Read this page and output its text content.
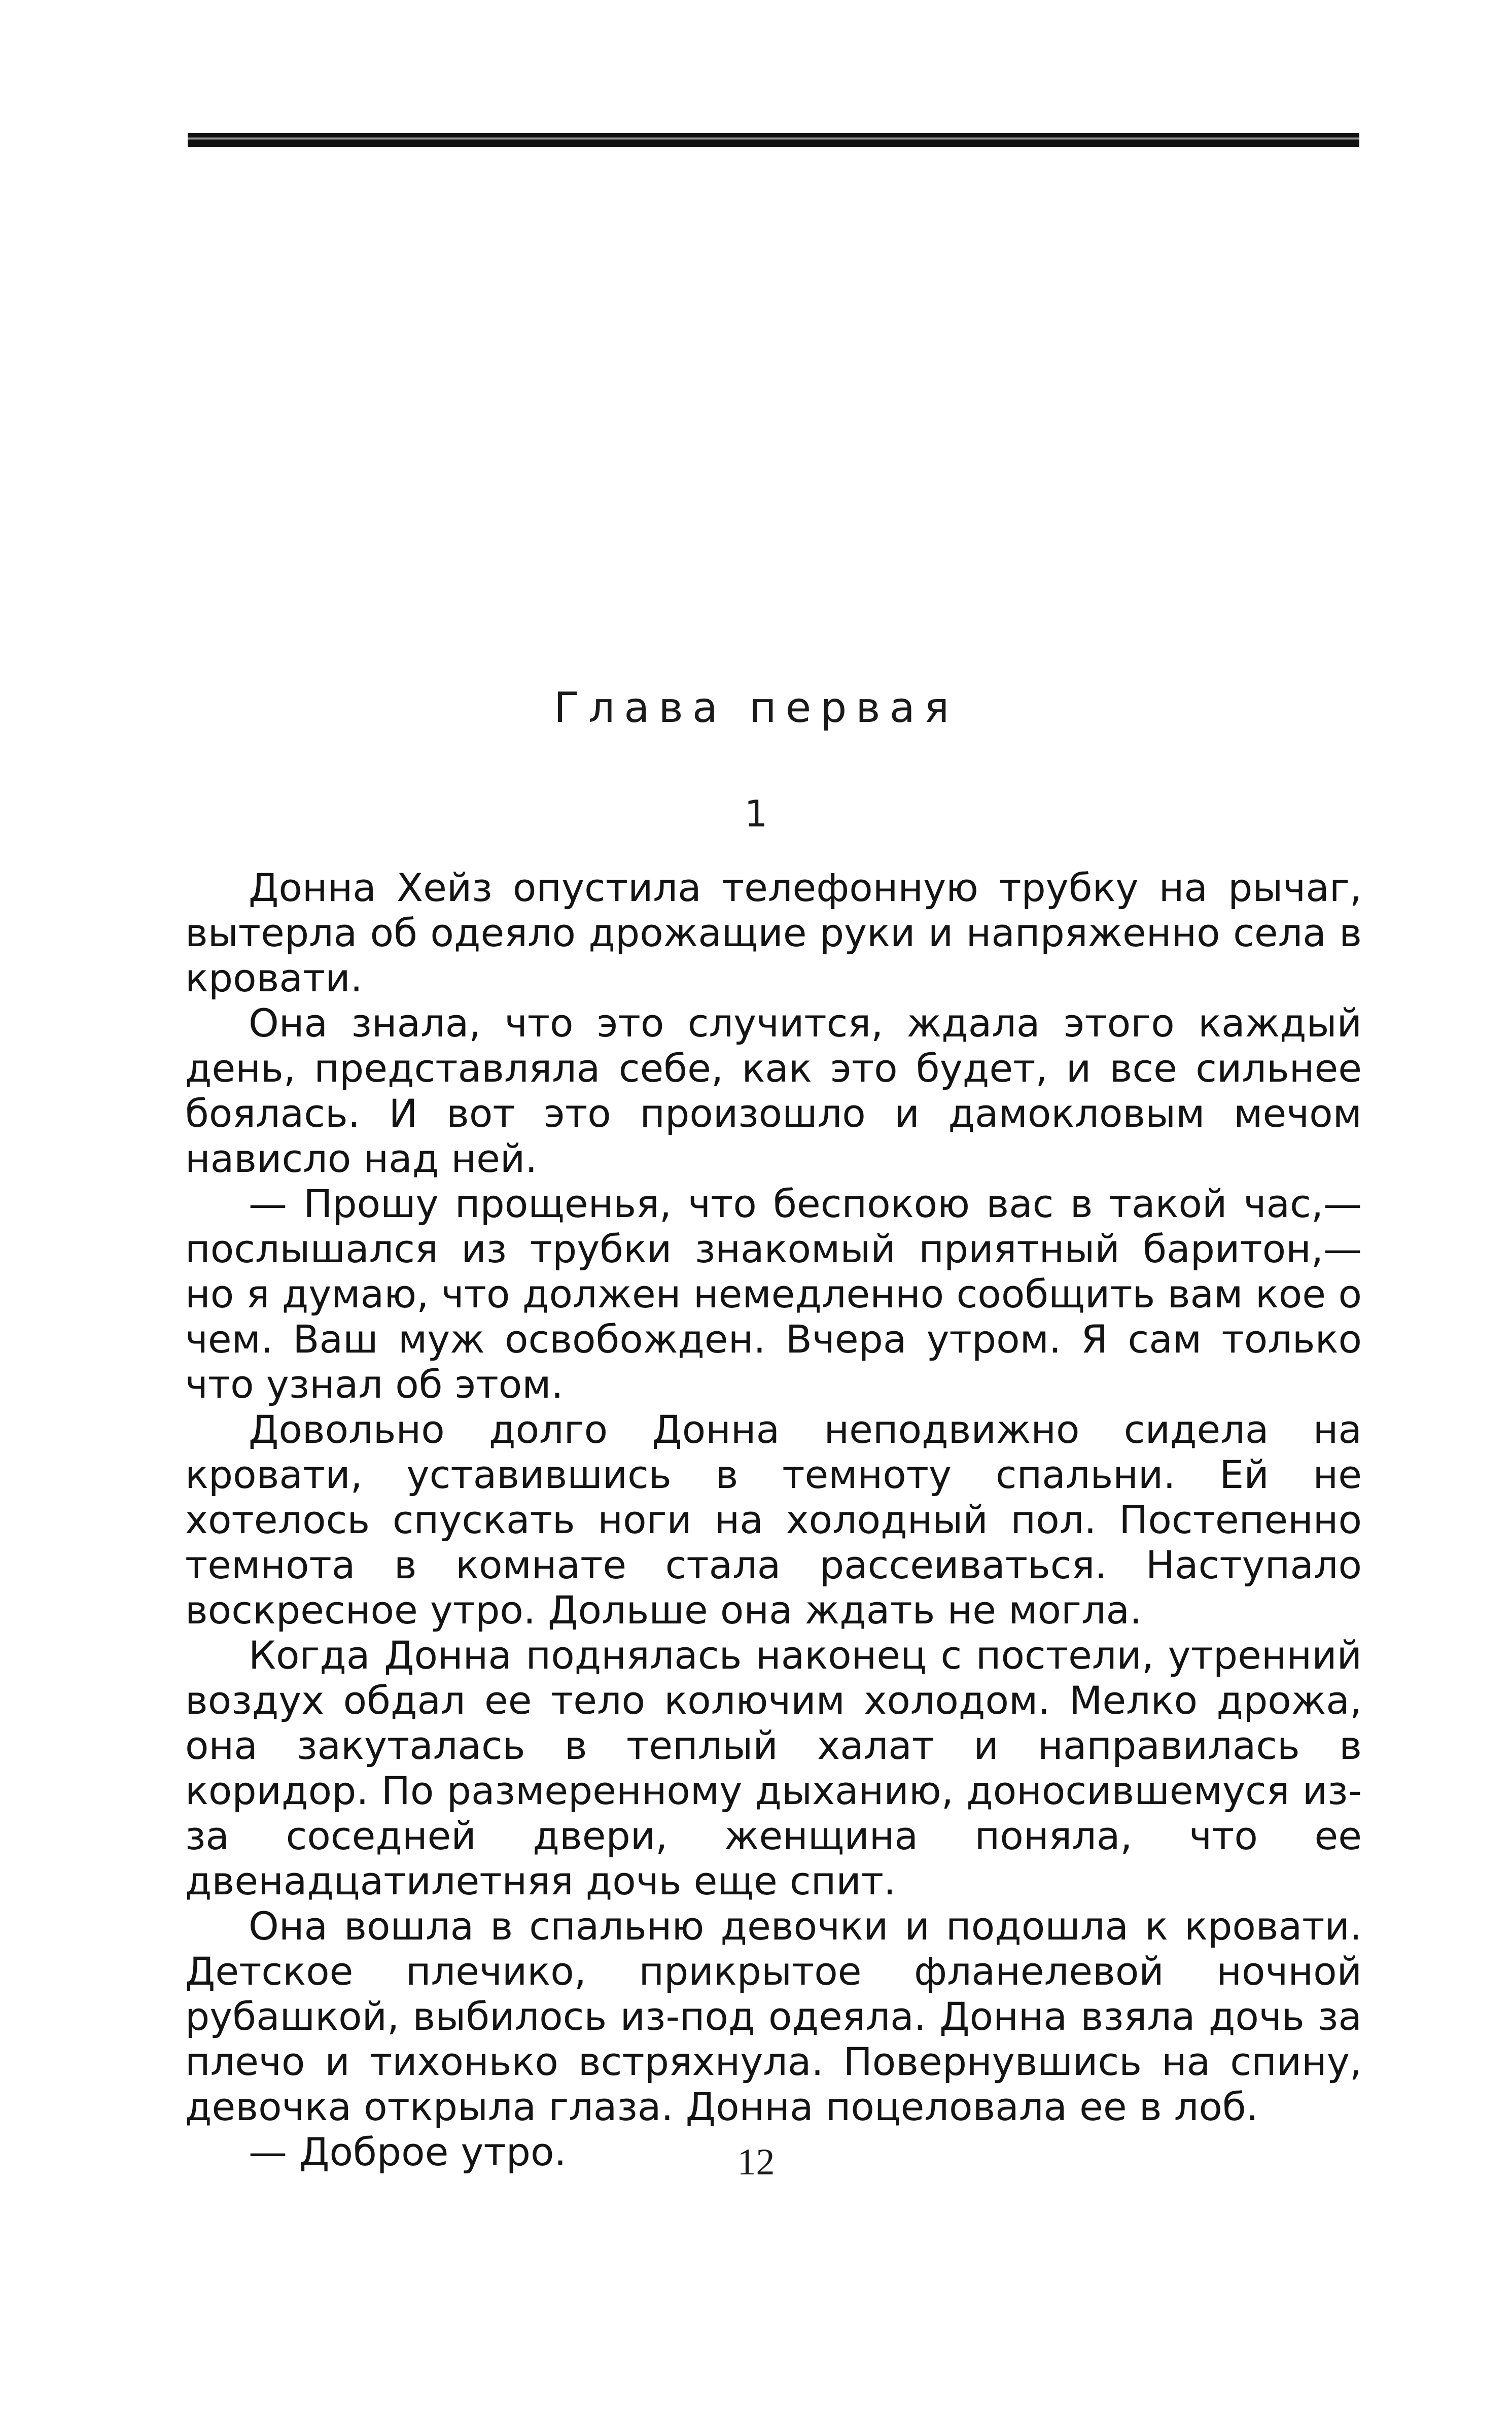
Глава первая
1

Донна Хейз опустила телефонную трубку на рычаг, вытерла об одеяло дрожащие руки и напряженно села в кровати.

Она знала, что это случится, ждала этого каждый день, представляла себе, как это будет, и все сильнее боялась. И вот это произошло и дамокловым мечом нависло над ней.

— Прошу прощенья, что беспокою вас в такой час,— послышался из трубки знакомый приятный баритон,— но я думаю, что должен немедленно сообщить вам кое о чем. Ваш муж освобожден. Вчера утром. Я сам только что узнал об этом.

Довольно долго Донна неподвижно сидела на кровати, уставившись в темноту спальни. Ей не хотелось спускать ноги на холодный пол. Постепенно темнота в комнате стала рассеиваться. Наступало воскресное утро. Дольше она ждать не могла.

Когда Донна поднялась наконец с постели, утренний воздух обдал ее тело колючим холодом. Мелко дрожа, она закуталась в теплый халат и направилась в коридор. По размеренному дыханию, доносившемуся из-за соседней двери, женщина поняла, что ее двенадцатилетняя дочь еще спит.

Она вошла в спальню девочки и подошла к кровати. Детское плечико, прикрытое фланелевой ночной рубашкой, выбилось из-под одеяла. Донна взяла дочь за плечо и тихонько встряхнула. Повернувшись на спину, девочка открыла глаза. Донна поцеловала ее в лоб.

— Доброе утро.	12
